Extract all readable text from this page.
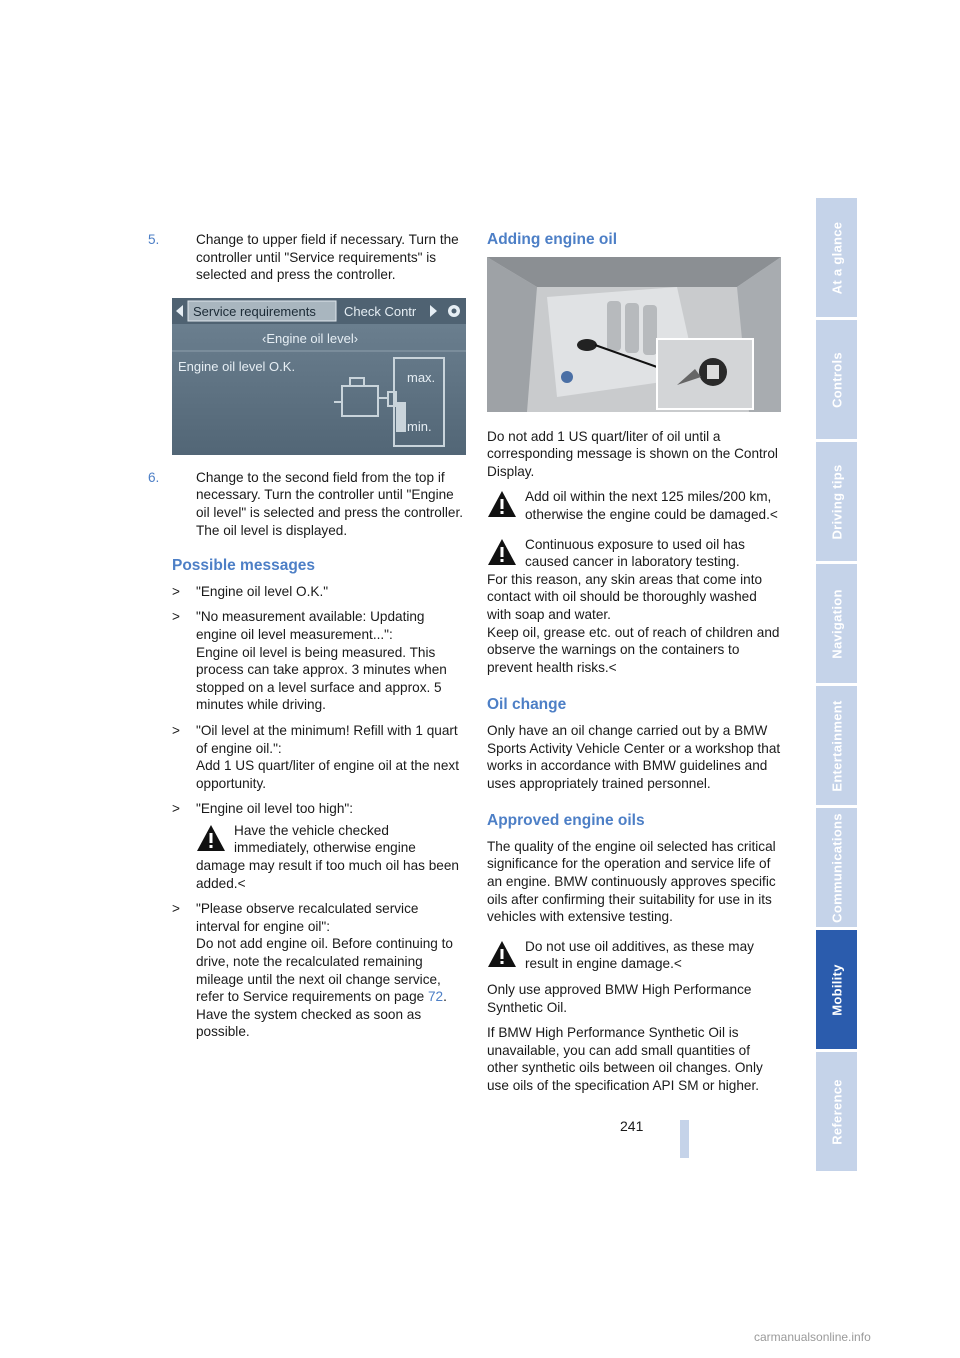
5.	Change to upper field if necessary. Turn the controller until "Service requirements" is selected and press the controller.
Service requirements Check Contr
‹Engine oil level›
Engine oil level O.K.
max.
min.
6.	Change to the second field from the top if necessary. Turn the controller until "Engine oil level" is selected and press the controller. The oil level is displayed.
Possible messages
> "Engine oil level O.K."
> "No measurement available: Updating engine oil level measurement...":
Engine oil level is being measured. This process can take approx. 3 minutes when stopped on a level surface and approx. 5 minutes while driving.
> "Oil level at the minimum! Refill with 1 quart of engine oil.":
Add 1 US quart/liter of engine oil at the next opportunity.
> "Engine oil level too high":
Have the vehicle checked immediately, otherwise engine damage may result if too much oil has been added.<
> "Please observe recalculated service interval for engine oil":
Do not add engine oil. Before continuing to drive, note the recalculated remaining mileage until the next oil change service, refer to Service requirements on page 72. Have the system checked as soon as possible.
Adding engine oil

Do not add 1 US quart/liter of oil until a corresponding message is shown on the Control Display.

Add oil within the next 125 miles/200 km, otherwise the engine could be damaged.<
Continuous exposure to used oil has caused cancer in laboratory testing.
For this reason, any skin areas that come into contact with oil should be thoroughly washed with soap and water.
Keep oil, grease etc. out of reach of children and observe the warnings on the containers to prevent health risks.<
Oil change

Only have an oil change carried out by a BMW Sports Activity Vehicle Center or a workshop that works in accordance with BMW guidelines and uses appropriately trained personnel.

Approved engine oils

The quality of the engine oil selected has critical significance for the operation and service life of an engine. BMW continuously approves specific oils after confirming their suitability for use in its vehicles with extensive testing.

Do not use oil additives, as these may result in engine damage.<

Only use approved BMW High Performance Synthetic Oil.

If BMW High Performance Synthetic Oil is unavailable, you can add small quantities of other synthetic oils between oil changes. Only use oils of the specification API SM or higher.

At a glance
Controls
Driving tips
Navigation
Entertainment
Communications
Mobility
Reference
241
carmanualsonline.info
